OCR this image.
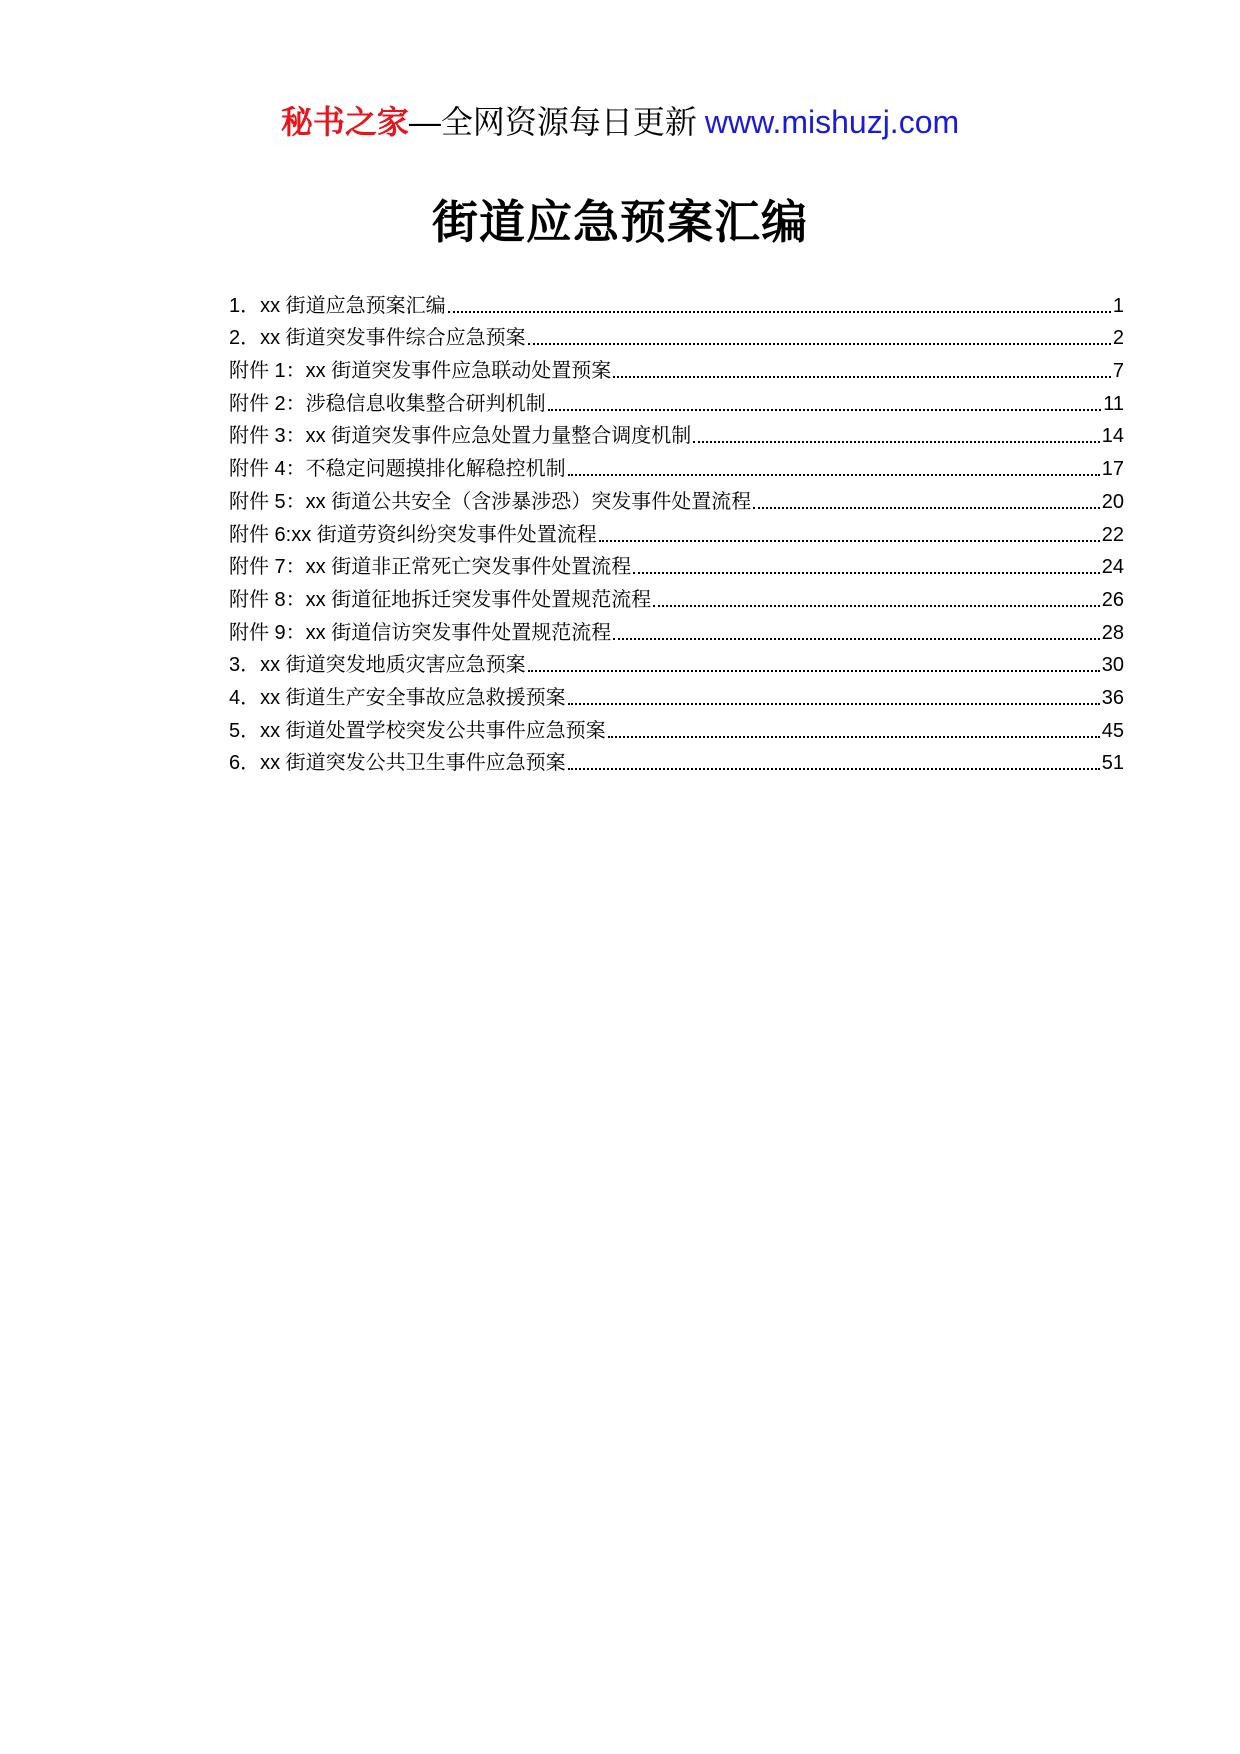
秘书之家—全网资源每日更新 www.mishuzj.com
街道应急预案汇编
1．xx 街道应急预案汇编	1
2．xx 街道突发事件综合应急预案	2
附件 1：xx 街道突发事件应急联动处置预案	7
附件 2：涉稳信息收集整合研判机制	11
附件 3：xx 街道突发事件应急处置力量整合调度机制	14
附件 4：不稳定问题摸排化解稳控机制	17
附件 5：xx 街道公共安全（含涉暴涉恐）突发事件处置流程	20
附件 6:xx 街道劳资纠纷突发事件处置流程	22
附件 7：xx 街道非正常死亡突发事件处置流程	24
附件 8：xx 街道征地拆迁突发事件处置规范流程	26
附件 9：xx 街道信访突发事件处置规范流程	28
3．xx 街道突发地质灾害应急预案	30
4．xx 街道生产安全事故应急救援预案	36
5．xx 街道处置学校突发公共事件应急预案	45
6．xx 街道突发公共卫生事件应急预案	51
